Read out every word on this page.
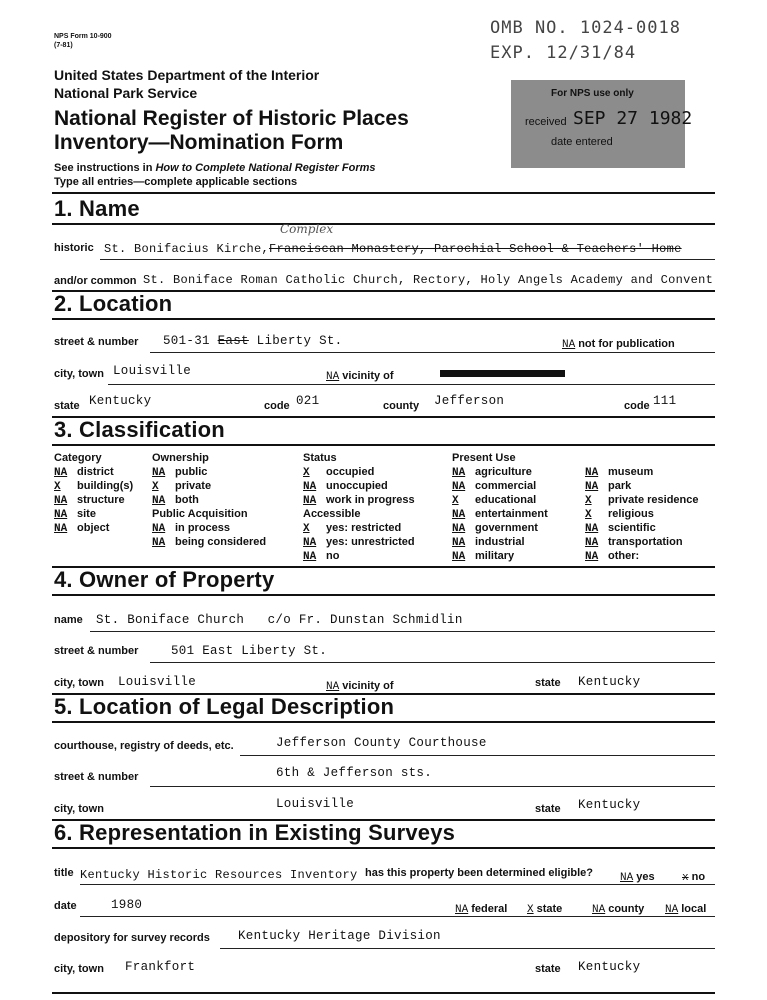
NPS Form 10-900
(7-81)
OMB NO. 1024-0018
EXP. 12/31/84
United States Department of the Interior
National Park Service
National Register of Historic Places
Inventory—Nomination Form
See instructions in How to Complete National Register Forms
Type all entries—complete applicable sections
For NPS use only
received SEP 27 1982
date entered
1. Name
historic
Complex
St. Bonifacius Kirche,Franciscan Monastery, Parochial School & Teachers' Home
and/or common St. Boniface Roman Catholic Church, Rectory, Holy Angels Academy and Convent
2. Location
street & number 501-31 East Liberty St.	NA not for publication
city, town Louisville	NA vicinity of
state Kentucky	code 021	county Jefferson	code 111
3. Classification
Category
NA district
X building(s)
NA structure
NA site
NA object
Ownership
NA public
X private
NA both
Public Acquisition
NA in process
NA being considered
Status
X occupied
NA unoccupied
NA work in progress
Accessible
X yes: restricted
NA yes: unrestricted
NA no
Present Use
NA agriculture
NA commercial
X educational
NA entertainment
NA government
NA industrial
NA military
NA museum
NA park
X private residence
X religious
NA scientific
NA transportation
NA other:
4. Owner of Property
name St. Boniface Church   c/o Fr. Dunstan Schmidlin
street & number	501 East Liberty St.
city, town Louisville	NA vicinity of	state Kentucky
5. Location of Legal Description
courthouse, registry of deeds, etc.	Jefferson County Courthouse
street & number	6th & Jefferson sts.
city, town	Louisville	state Kentucky
6. Representation in Existing Surveys
title Kentucky Historic Resources Inventory has this property been determined eligible? NA yes x no
date	1980	NA federal X state	NA county NA local
depository for survey records Kentucky Heritage Division
city, town Frankfort	state Kentucky
